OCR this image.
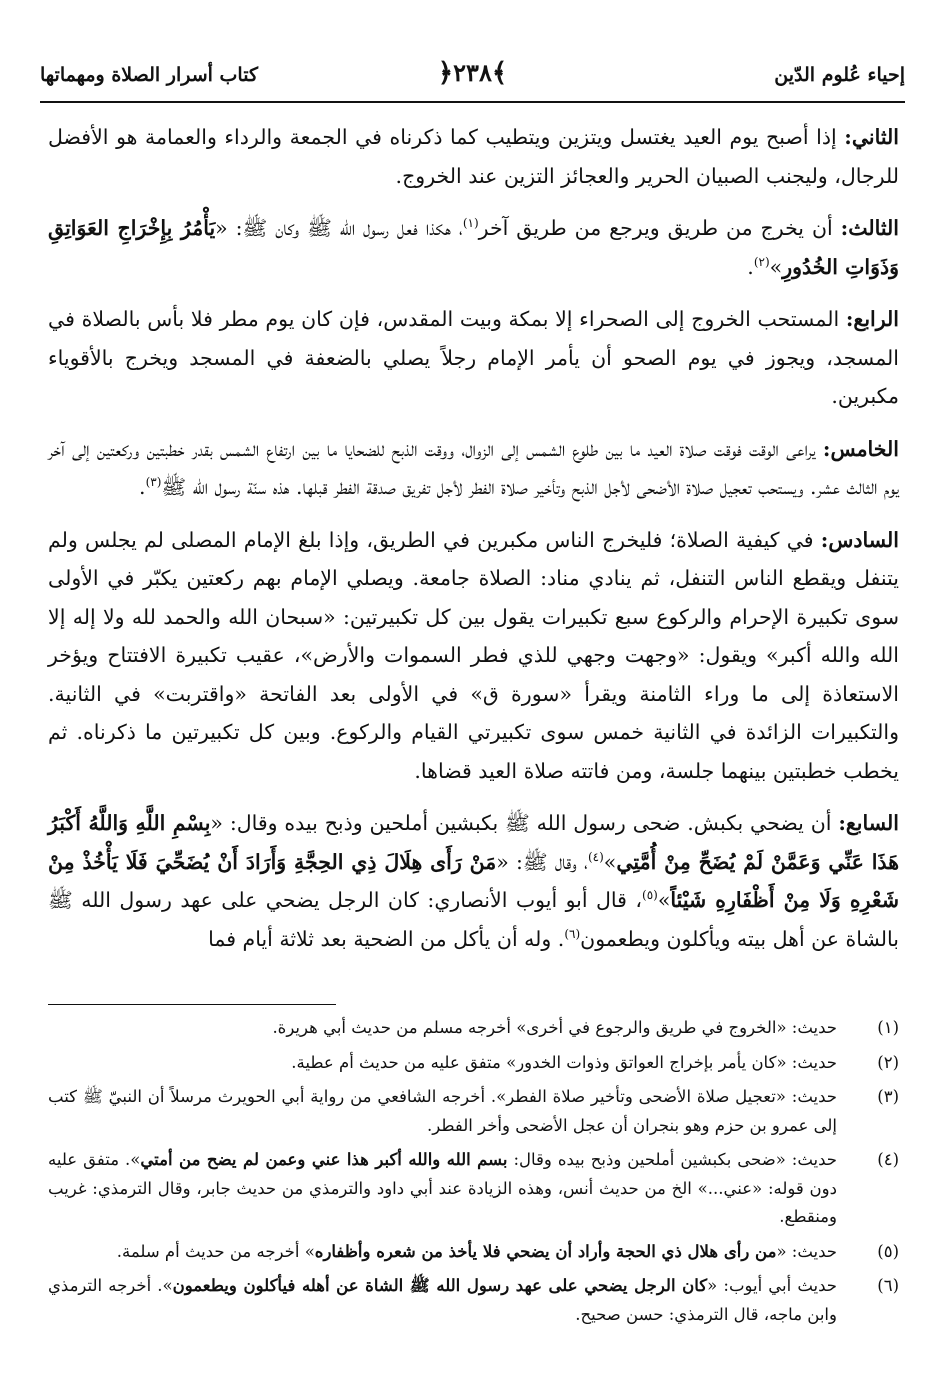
إحياء عُلوم الدّين
﴿٢٣٨﴾
كتاب أسرار الصلاة ومهماتها

الثاني: إذا أصبح يوم العيد يغتسل ويتزين ويتطيب كما ذكرناه في الجمعة والرداء والعمامة هو الأفضل للرجال، وليجنب الصبيان الحرير والعجائز التزين عند الخروج.

الثالث: أن يخرج من طريق ويرجع من طريق آخر$^{(١)}$، هكذا فعل رسول الله ﷺ وكان ﷺ: «يَأْمُرُ بِإِخْرَاجِ العَوَاتِقِ وَذَوَاتِ الخُدُورِ»$^{(٢)}$.

الرابع: المستحب الخروج إلى الصحراء إلا بمكة وبيت المقدس، فإن كان يوم مطر فلا بأس بالصلاة في المسجد، ويجوز في يوم الصحو أن يأمر الإمام رجلاً يصلي بالضعفة في المسجد ويخرج بالأقوياء مكبرين.

الخامس: يراعى الوقت فوقت صلاة العيد ما بين طلوع الشمس إلى الزوال، ووقت الذبح للضحايا ما بين ارتفاع الشمس بقدر خطبتين وركعتين إلى آخر يوم الثالث عشر. ويستحب تعجيل صلاة الأضحى لأجل الذبح وتأخير صلاة الفطر لأجل تفريق صدقة الفطر قبلها. هذه سنّة رسول الله ﷺ$^{(٣)}$.

السادس: في كيفية الصلاة؛ فليخرج الناس مكبرين في الطريق، وإذا بلغ الإمام المصلى لم يجلس ولم يتنفل ويقطع الناس التنفل، ثم ينادي مناد: الصلاة جامعة. ويصلي الإمام بهم ركعتين يكبّر في الأولى سوى تكبيرة الإحرام والركوع سبع تكبيرات يقول بين كل تكبيرتين: «سبحان الله والحمد لله ولا إله إلا الله والله أكبر» ويقول: «وجهت وجهي للذي فطر السموات والأرض»، عقيب تكبيرة الافتتاح ويؤخر الاستعاذة إلى ما وراء الثامنة ويقرأ «سورة ق» في الأولى بعد الفاتحة «واقتربت» في الثانية. والتكبيرات الزائدة في الثانية خمس سوى تكبيرتي القيام والركوع. وبين كل تكبيرتين ما ذكرناه. ثم يخطب خطبتين بينهما جلسة، ومن فاتته صلاة العيد قضاها.

السابع: أن يضحي بكبش. ضحى رسول الله ﷺ بكبشين أملحين وذبح بيده وقال: «بِسْمِ اللَّهِ وَاللَّهُ أَكْبَرُ هَذَا عَنِّي وَعَمَّنْ لَمْ يُضَحِّ مِنْ أُمَّتِي»$^{(٤)}$، وقال ﷺ: «مَنْ رَأَى هِلَالَ ذِي الحِجَّةِ وَأَرَادَ أَنْ يُضَحِّيَ فَلَا يَأْخُذْ مِنْ شَعْرِهِ وَلَا مِنْ أَظْفَارِهِ شَيْئاً»$^{(٥)}$، قال أبو أيوب الأنصاري: كان الرجل يضحي على عهد رسول الله ﷺ بالشاة عن أهل بيته ويأكلون ويطعمون$^{(٦)}$. وله أن يأكل من الضحية بعد ثلاثة أيام فما

(١)
حديث: «الخروج في طريق والرجوع في أخرى» أخرجه مسلم من حديث أبي هريرة.
(٢)
حديث: «كان يأمر بإخراج العواتق وذوات الخدور» متفق عليه من حديث أم عطية.
(٣)
حديث: «تعجيل صلاة الأضحى وتأخير صلاة الفطر». أخرجه الشافعي من رواية أبي الحويرث مرسلاً أن النبيّ ﷺ كتب إلى عمرو بن حزم وهو بنجران أن عجل الأضحى وأخر الفطر.
(٤)
حديث: «ضحى بكبشين أملحين وذبح بيده وقال: بسم الله والله أكبر هذا عني وعمن لم يضح من أمتي». متفق عليه دون قوله: «عني...» الخ من حديث أنس، وهذه الزيادة عند أبي داود والترمذي من حديث جابر، وقال الترمذي: غريب ومنقطع.
(٥)
حديث: «من رأى هلال ذي الحجة وأراد أن يضحي فلا يأخذ من شعره وأظفاره» أخرجه من حديث أم سلمة.
(٦)
حديث أبي أيوب: «كان الرجل يضحي على عهد رسول الله ﷺ الشاة عن أهله فيأكلون ويطعمون». أخرجه الترمذي وابن ماجه، قال الترمذي: حسن صحيح.
